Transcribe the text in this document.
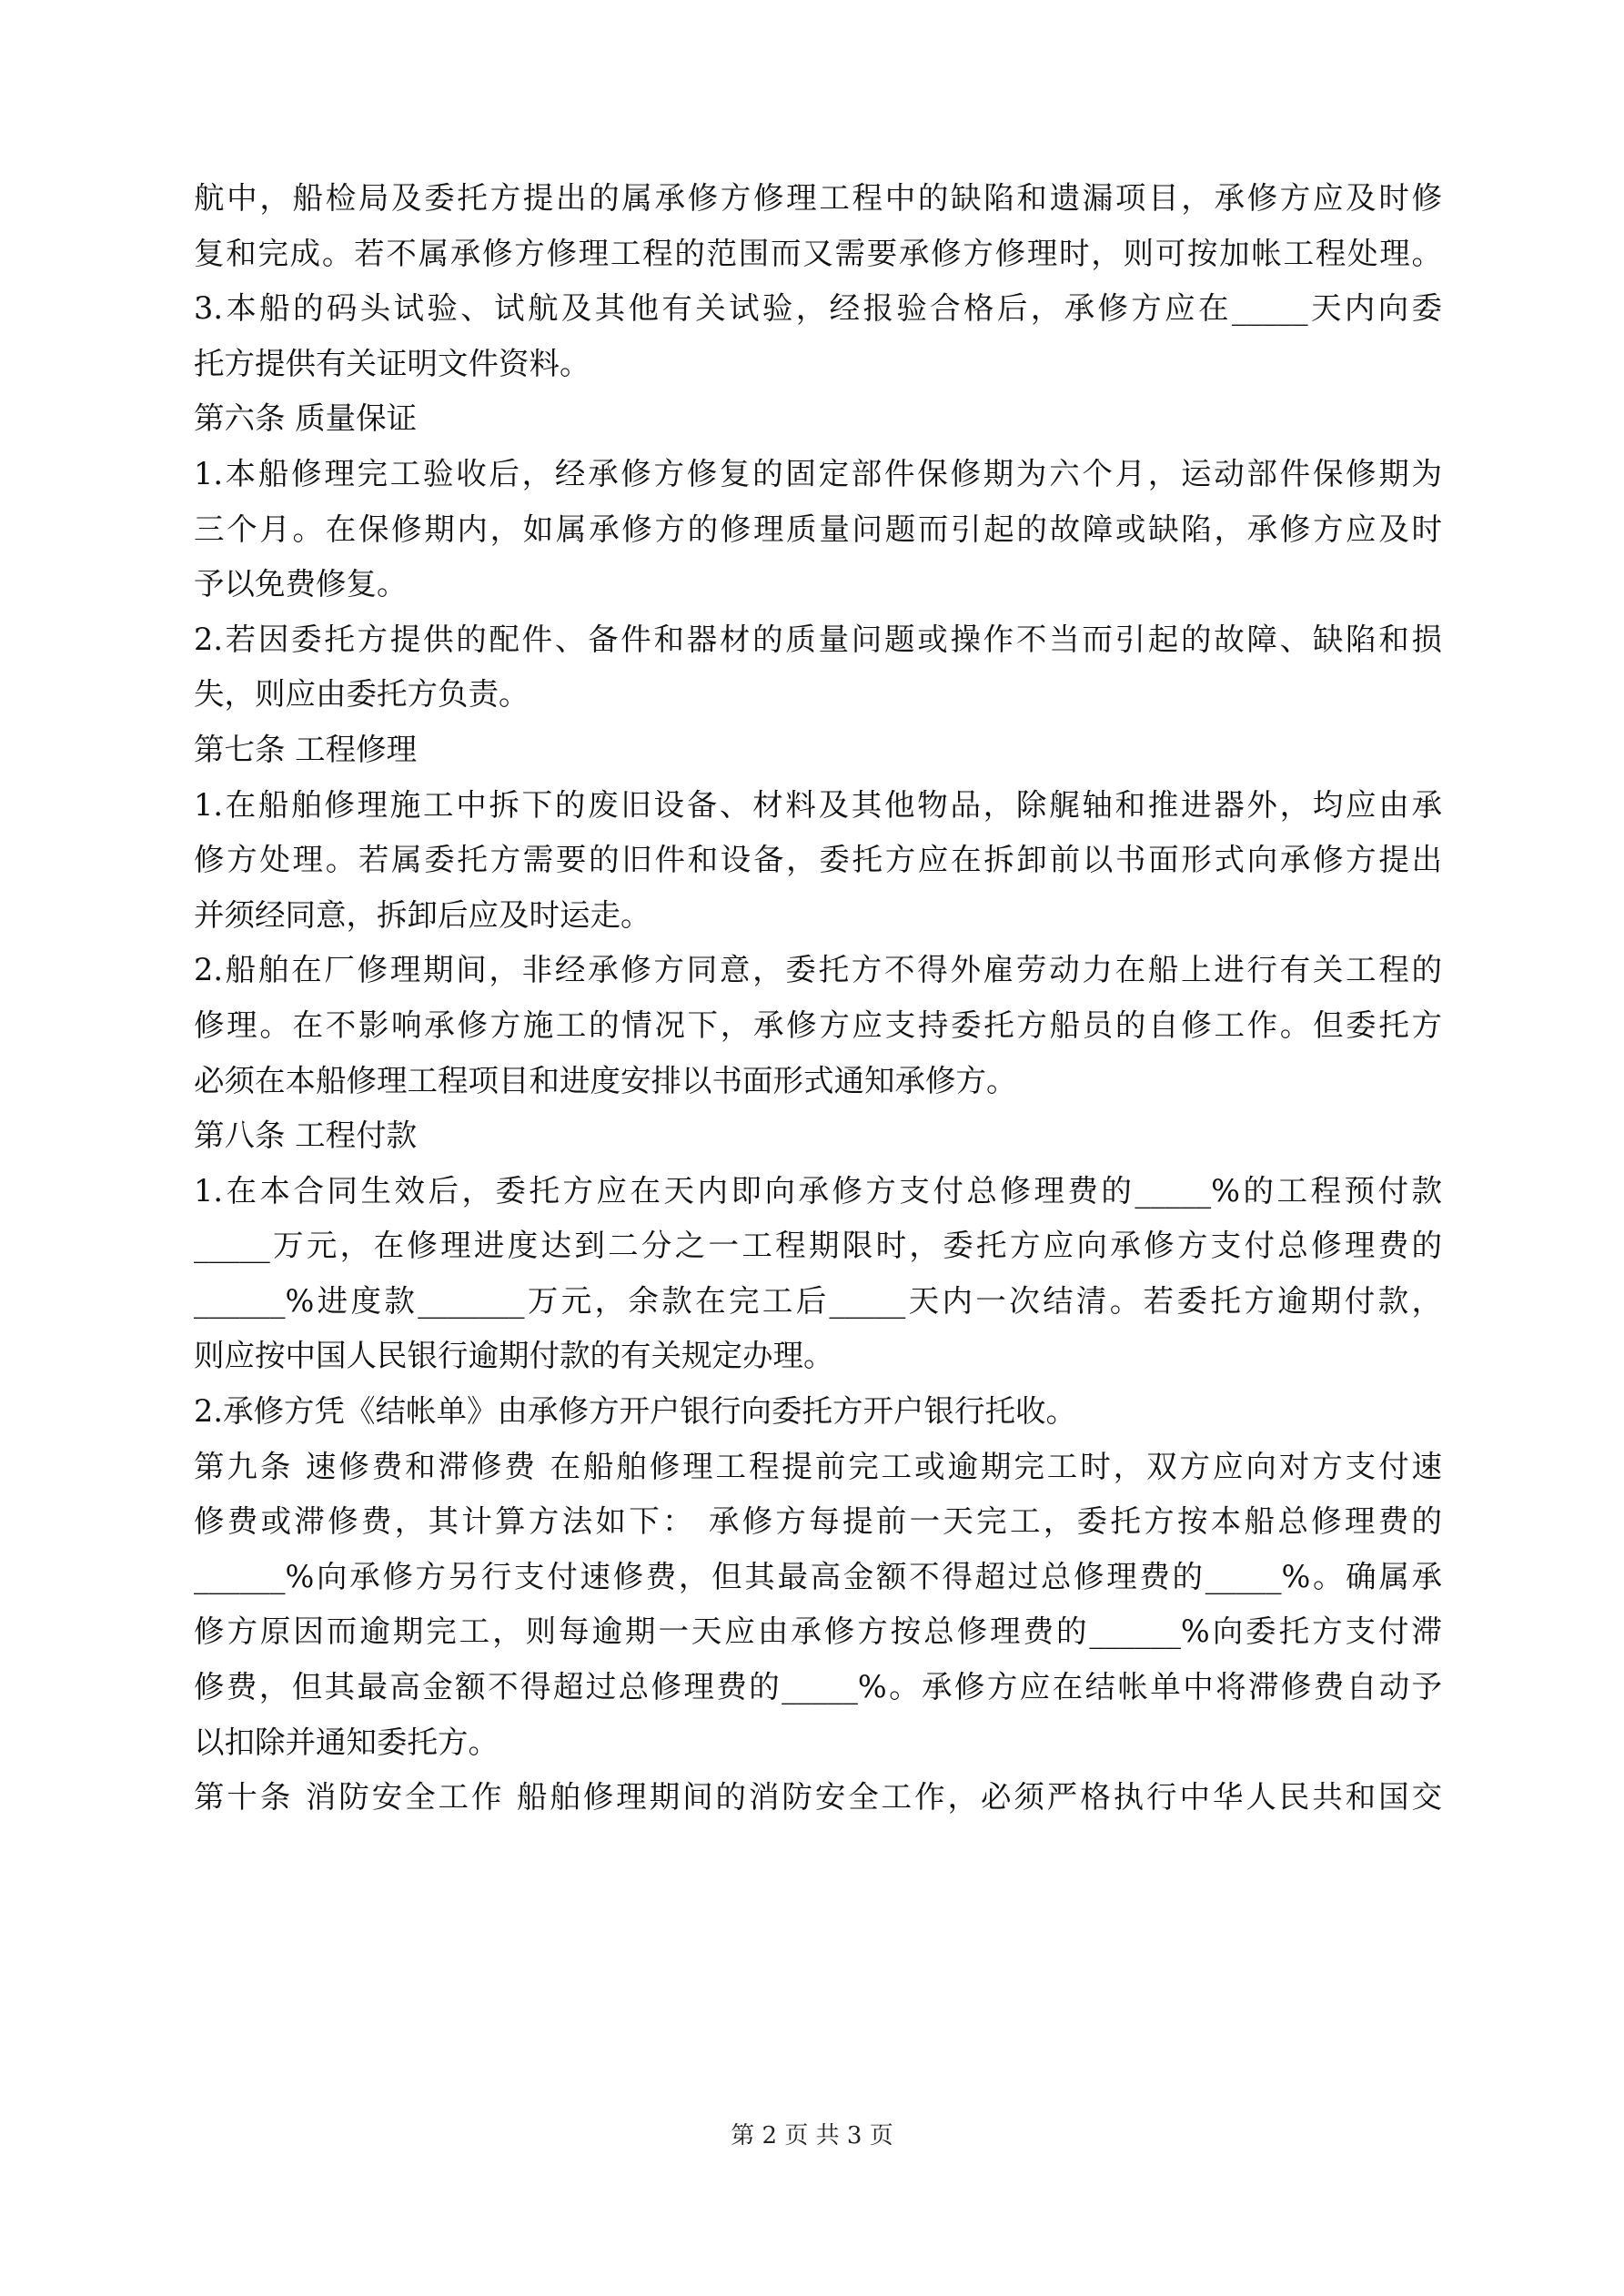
航中，船检局及委托方提出的属承修方修理工程中的缺陷和遗漏项目，承修方应及时修
复和完成。若不属承修方修理工程的范围而又需要承修方修理时，则可按加帐工程处理。
3.本船的码头试验、试航及其他有关试验，经报验合格后，承修方应在_____天内向委
托方提供有关证明文件资料。
第六条 质量保证
1.本船修理完工验收后，经承修方修复的固定部件保修期为六个月，运动部件保修期为
三个月。在保修期内，如属承修方的修理质量问题而引起的故障或缺陷，承修方应及时
予以免费修复。
2.若因委托方提供的配件、备件和器材的质量问题或操作不当而引起的故障、缺陷和损
失，则应由委托方负责。
第七条 工程修理
1.在船舶修理施工中拆下的废旧设备、材料及其他物品，除艉轴和推进器外，均应由承
修方处理。若属委托方需要的旧件和设备，委托方应在拆卸前以书面形式向承修方提出
并须经同意，拆卸后应及时运走。
2.船舶在厂修理期间，非经承修方同意，委托方不得外雇劳动力在船上进行有关工程的
修理。在不影响承修方施工的情况下，承修方应支持委托方船员的自修工作。但委托方
必须在本船修理工程项目和进度安排以书面形式通知承修方。
第八条 工程付款
1.在本合同生效后，委托方应在天内即向承修方支付总修理费的_____%的工程预付款
_____万元，在修理进度达到二分之一工程期限时，委托方应向承修方支付总修理费的
______%进度款_______万元，余款在完工后_____天内一次结清。若委托方逾期付款，
则应按中国人民银行逾期付款的有关规定办理。
2.承修方凭《结帐单》由承修方开户银行向委托方开户银行托收。
第九条 速修费和滞修费 在船舶修理工程提前完工或逾期完工时，双方应向对方支付速
修费或滞修费，其计算方法如下： 承修方每提前一天完工，委托方按本船总修理费的
______%向承修方另行支付速修费，但其最高金额不得超过总修理费的_____%。确属承
修方原因而逾期完工，则每逾期一天应由承修方按总修理费的______%向委托方支付滞
修费，但其最高金额不得超过总修理费的_____%。承修方应在结帐单中将滞修费自动予
以扣除并通知委托方。
第十条 消防安全工作 船舶修理期间的消防安全工作，必须严格执行中华人民共和国交
第 2 页 共 3 页
